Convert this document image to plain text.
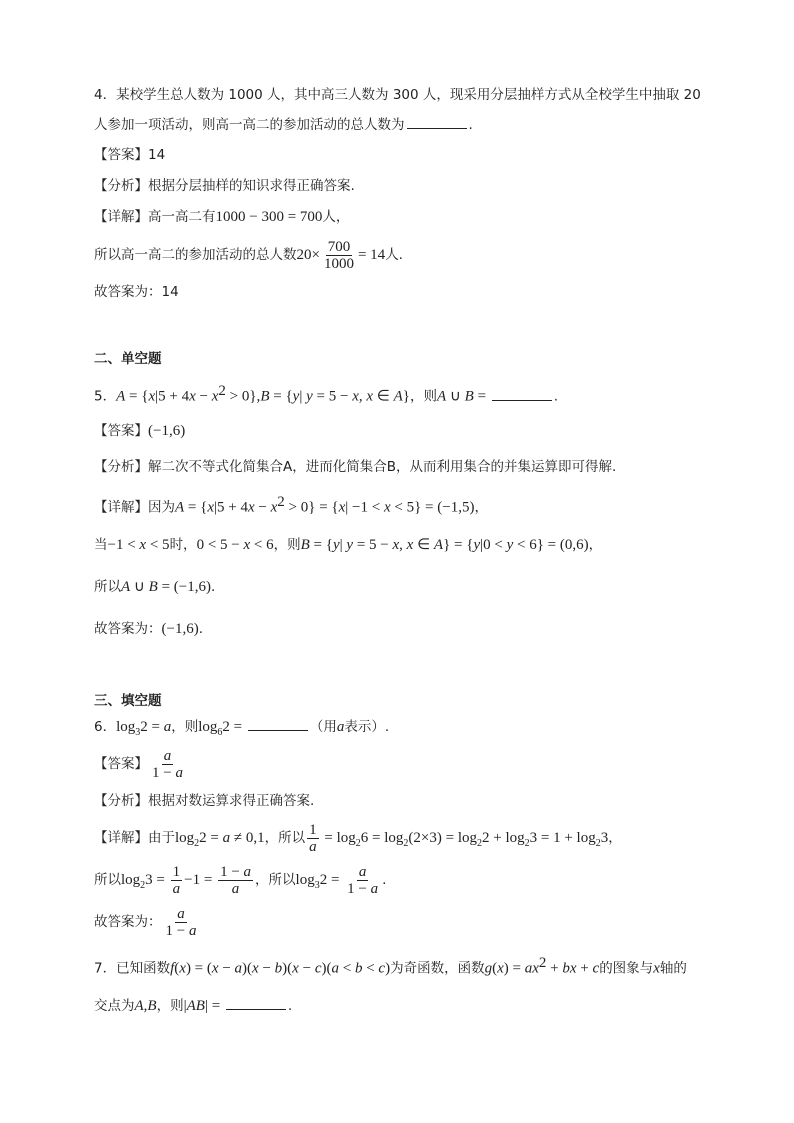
4．某校学生总人数为 1000 人，其中高三人数为 300 人，现采用分层抽样方式从全校学生中抽取 20
人参加一项活动，则高一高二的参加活动的总人数为	.
【答案】14
【分析】根据分层抽样的知识求得正确答案.
【详解】高一高二有1000 − 300 = 700人，
所以高一高二的参加活动的总人数$20\times \frac{700}{1000} = 14$人.
故答案为：14
二、单空题
5．$A = \{x|5 + 4x - x^2 > 0\},B = \{y|$ y = 5 − x, x ∈ A}，则A ∪ B =	.
【答案】(−1,6)
【分析】解二次不等式化简集合A，进而化简集合B，从而利用集合的并集运算即可得解.
【详解】因为$A = \{x|5 + 4x - x^2 > 0\} = \{x| -1 < x < 5\} = (-1,5)$，
当−1 < x < 5时，0 < 5 − x < 6，则B = {y| y = 5 − x, x ∈ A} = {y|0 < y < 6} = (0,6)，
所以A ∪ B = (−1,6).
故答案为：(−1,6).
三、填空题
6．$\log_32 = a$，则$\log_62$ =	（用a表示）.
【答案】 $\frac{a}{1 - a}$
【分析】根据对数运算求得正确答案.
【详解】由于$\log_22 = a \ne 0,1$，所以 $\frac{1}{a} = \log_26 = \log_2(2\times 3) = \log_22 + \log_23 = 1 + \log_23$，
所以$\log_23 = \frac{1}{a} -1 = \frac{1 - a}{a}$ ，所以$\log_32 = \frac{a}{1 - a}$ .
故答案为： $\frac{a}{1 - a}$
7．已知函数f(x) = (x − a)(x − b)(x − c)(a < b < c)为奇函数，函数$g(x) = ax^2$ + bx + c的图象与x轴的
交点为A,B，则|AB| =	.
